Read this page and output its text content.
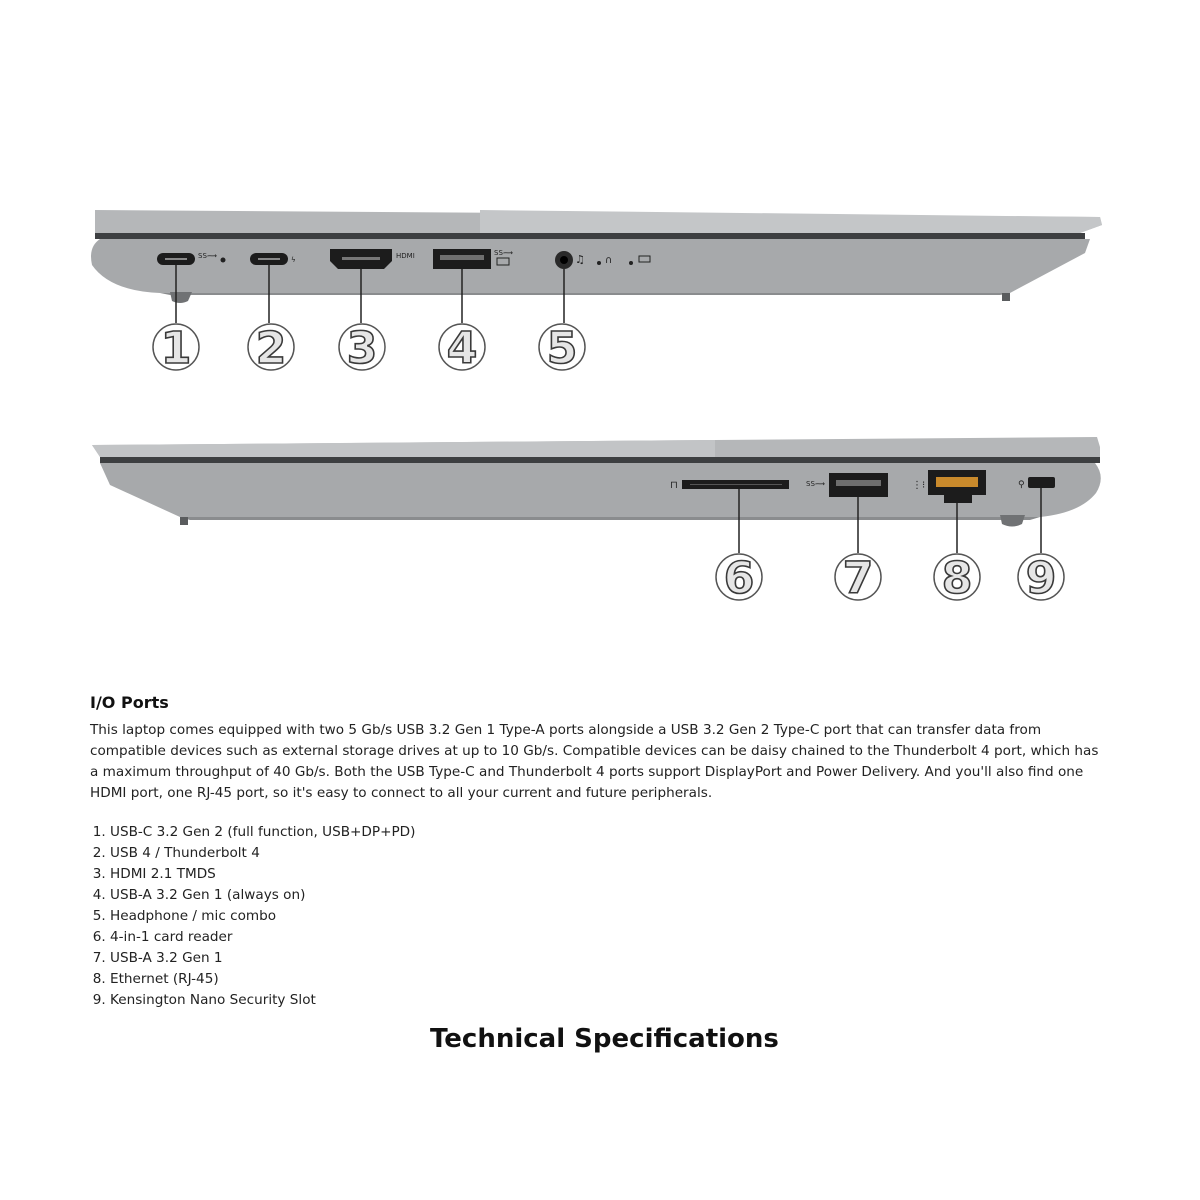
SS⟿	ϟ	HDMI	SS⟿	♫ ∩
1 2 3 4 5
⊓	SS⟿	⋮⁝	⚲
6 7 8 9
I/O Ports

This laptop comes equipped with two 5 Gb/s USB 3.2 Gen 1 Type-A ports alongside a USB 3.2 Gen 2 Type-C port that can transfer data from compatible devices such as external storage drives at up to 10 Gb/s. Compatible devices can be daisy chained to the Thunderbolt 4 port, which has a maximum throughput of 40 Gb/s. Both the USB Type-C and Thunderbolt 4 ports support DisplayPort and Power Delivery. And you'll also find one HDMI port, one RJ-45 port, so it's easy to connect to all your current and future peripherals.

1. USB-C 3.2 Gen 2 (full function, USB+DP+PD)
2. USB 4 / Thunderbolt 4
3. HDMI 2.1 TMDS
4. USB-A 3.2 Gen 1 (always on)
5. Headphone / mic combo
6. 4-in-1 card reader
7. USB-A 3.2 Gen 1
8. Ethernet (RJ-45)
9. Kensington Nano Security Slot
Technical Specifications
